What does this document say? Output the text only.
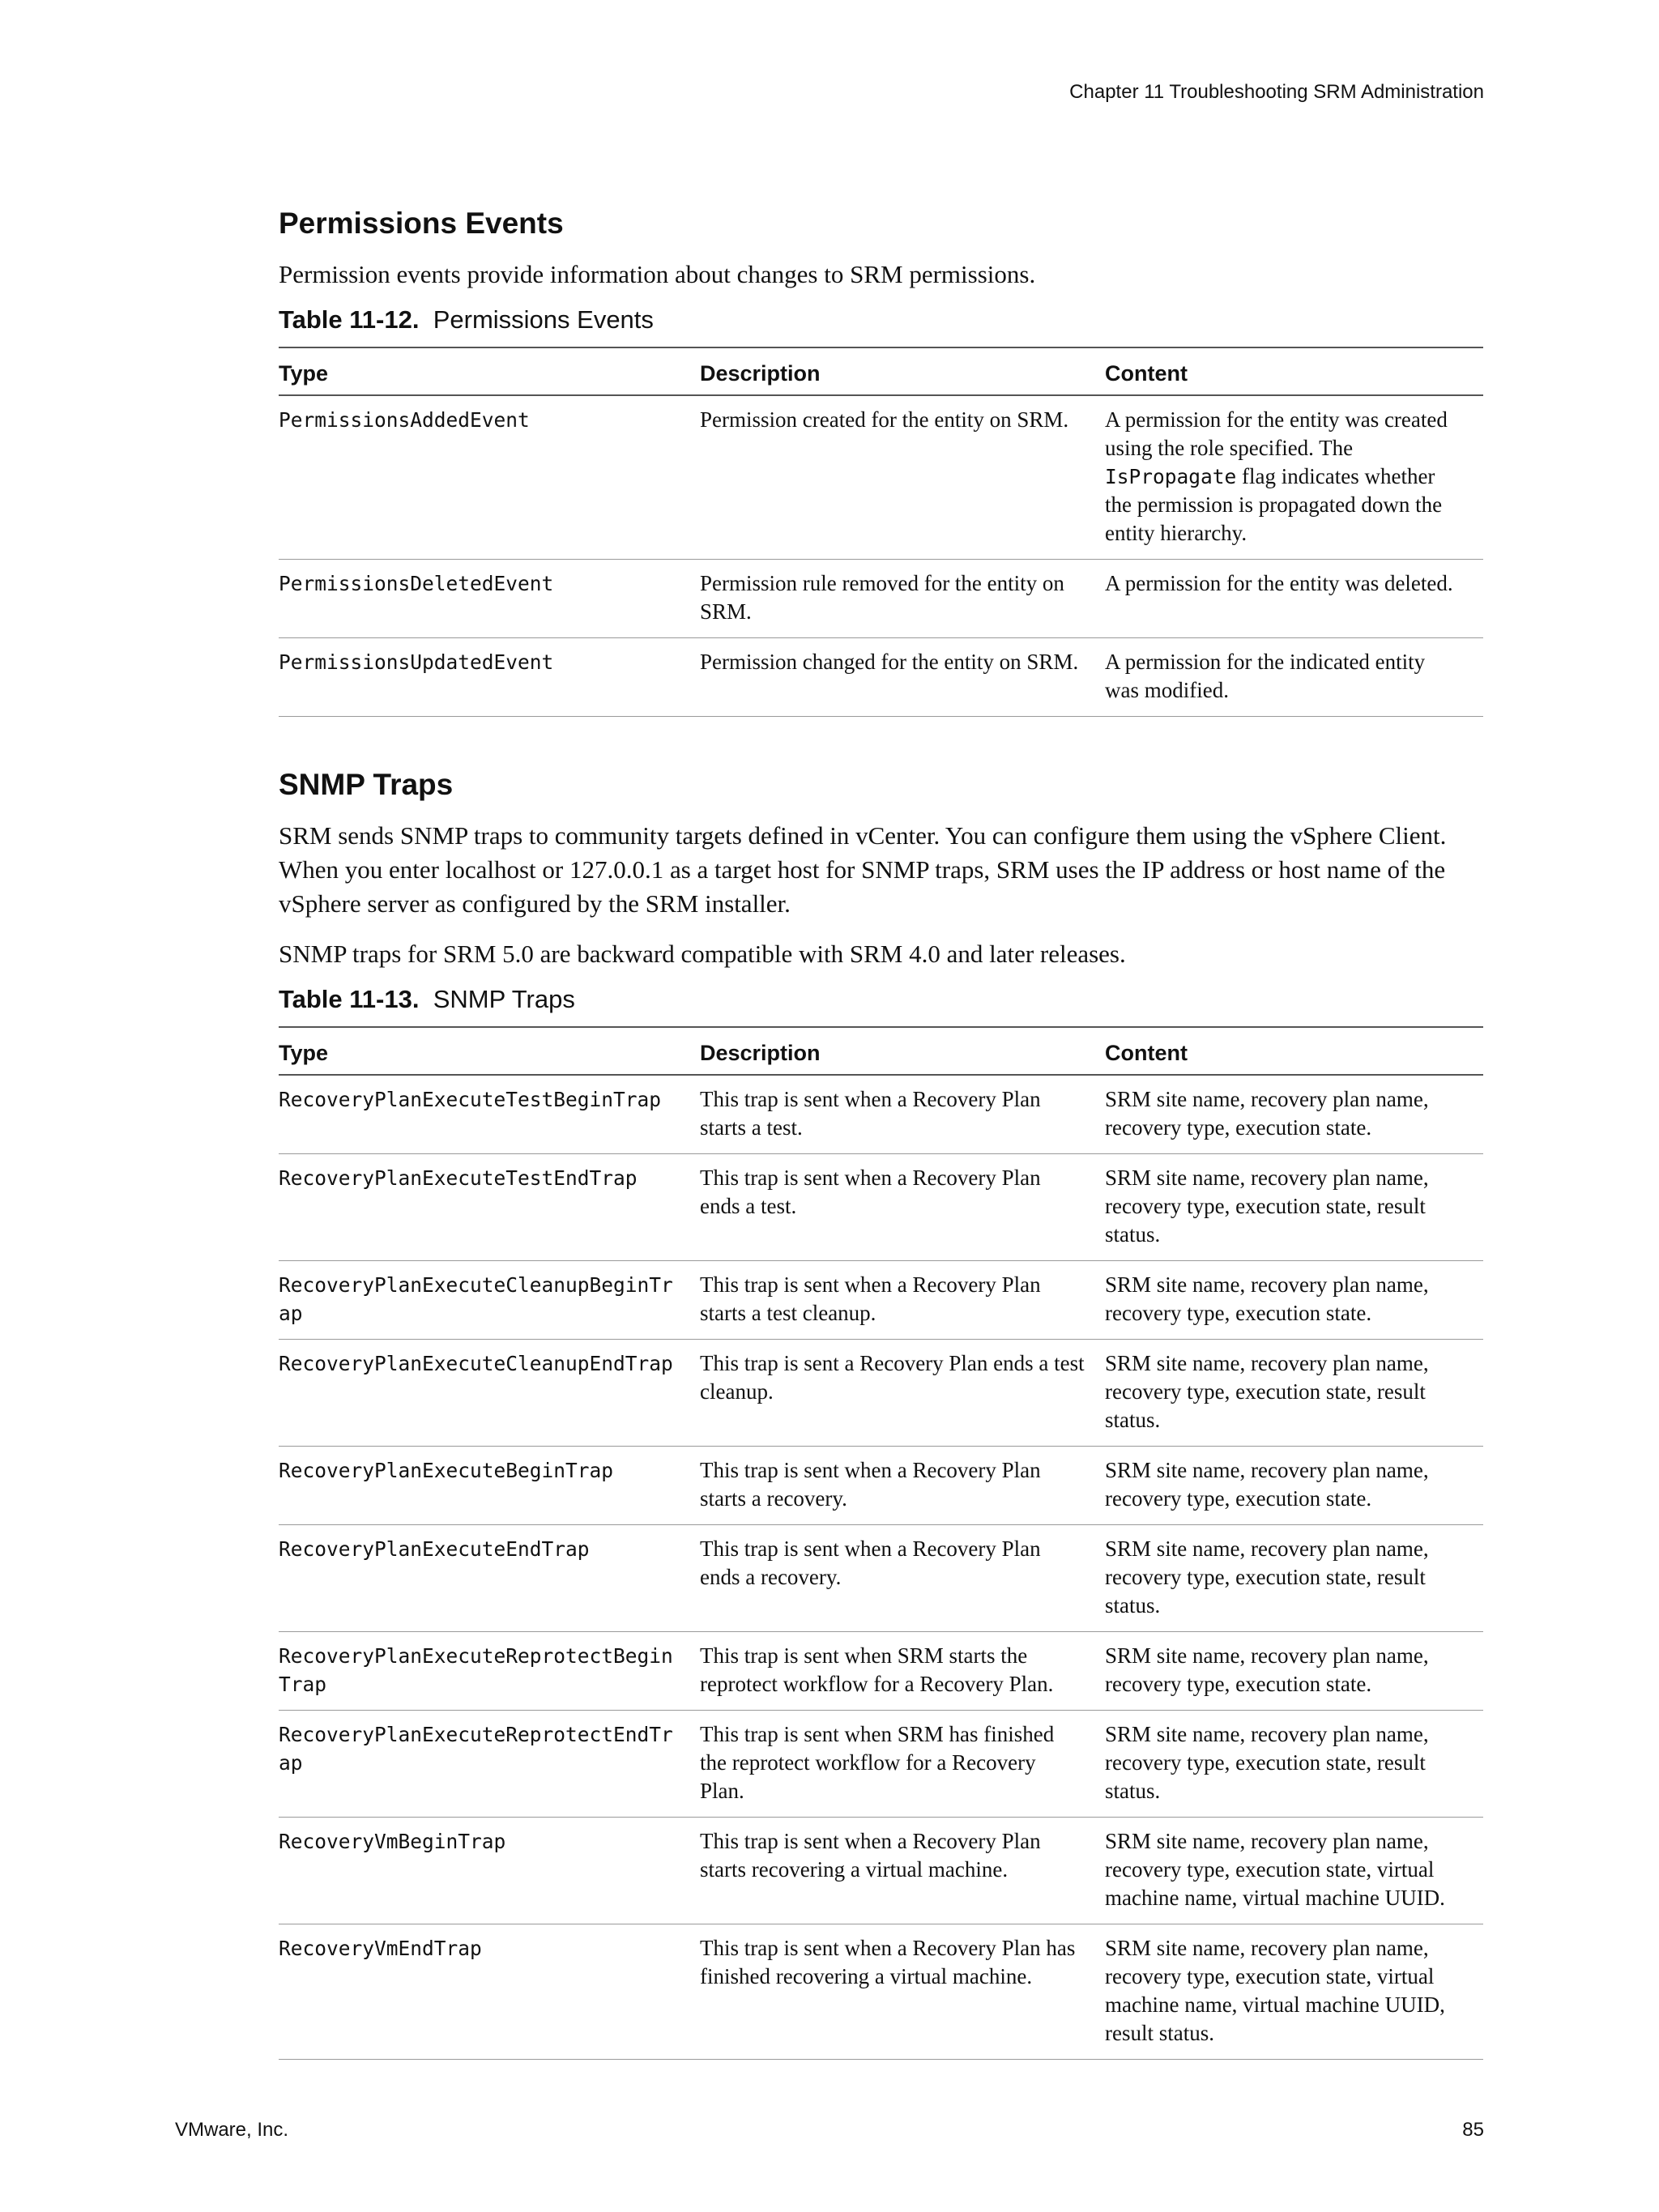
Chapter 11 Troubleshooting SRM Administration
Permissions Events

Permission events provide information about changes to SRM permissions.

Table 11-12. Permissions Events

Type	Description	Content
PermissionsAddedEvent	Permission created for the entity on SRM.	A permission for the entity was created using the role specified. The IsPropagate flag indicates whether the permission is propagated down the entity hierarchy.
PermissionsDeletedEvent	Permission rule removed for the entity on SRM.	A permission for the entity was deleted.
PermissionsUpdatedEvent	Permission changed for the entity on SRM.	A permission for the indicated entity was modified.
SNMP Traps

SRM sends SNMP traps to community targets defined in vCenter. You can configure them using the vSphere Client. When you enter localhost or 127.0.0.1 as a target host for SNMP traps, SRM uses the IP address or host name of the vSphere server as configured by the SRM installer.

SNMP traps for SRM 5.0 are backward compatible with SRM 4.0 and later releases.

Table 11-13. SNMP Traps

Type	Description	Content
RecoveryPlanExecuteTestBeginTrap	This trap is sent when a Recovery Plan starts a test.	SRM site name, recovery plan name, recovery type, execution state.
RecoveryPlanExecuteTestEndTrap	This trap is sent when a Recovery Plan ends a test.	SRM site name, recovery plan name, recovery type, execution state, result status.
RecoveryPlanExecuteCleanupBeginTrap	This trap is sent when a Recovery Plan starts a test cleanup.	SRM site name, recovery plan name, recovery type, execution state.
RecoveryPlanExecuteCleanupEndTrap	This trap is sent a Recovery Plan ends a test cleanup.	SRM site name, recovery plan name, recovery type, execution state, result status.
RecoveryPlanExecuteBeginTrap	This trap is sent when a Recovery Plan starts a recovery.	SRM site name, recovery plan name, recovery type, execution state.
RecoveryPlanExecuteEndTrap	This trap is sent when a Recovery Plan ends a recovery.	SRM site name, recovery plan name, recovery type, execution state, result status.
RecoveryPlanExecuteReprotectBeginTrap	This trap is sent when SRM starts the reprotect workflow for a Recovery Plan.	SRM site name, recovery plan name, recovery type, execution state.
RecoveryPlanExecuteReprotectEndTrap	This trap is sent when SRM has finished the reprotect workflow for a Recovery Plan.	SRM site name, recovery plan name, recovery type, execution state, result status.
RecoveryVmBeginTrap	This trap is sent when a Recovery Plan starts recovering a virtual machine.	SRM site name, recovery plan name, recovery type, execution state, virtual machine name, virtual machine UUID.
RecoveryVmEndTrap	This trap is sent when a Recovery Plan has finished recovering a virtual machine.	SRM site name, recovery plan name, recovery type, execution state, virtual machine name, virtual machine UUID, result status.
VMware, Inc.	85
